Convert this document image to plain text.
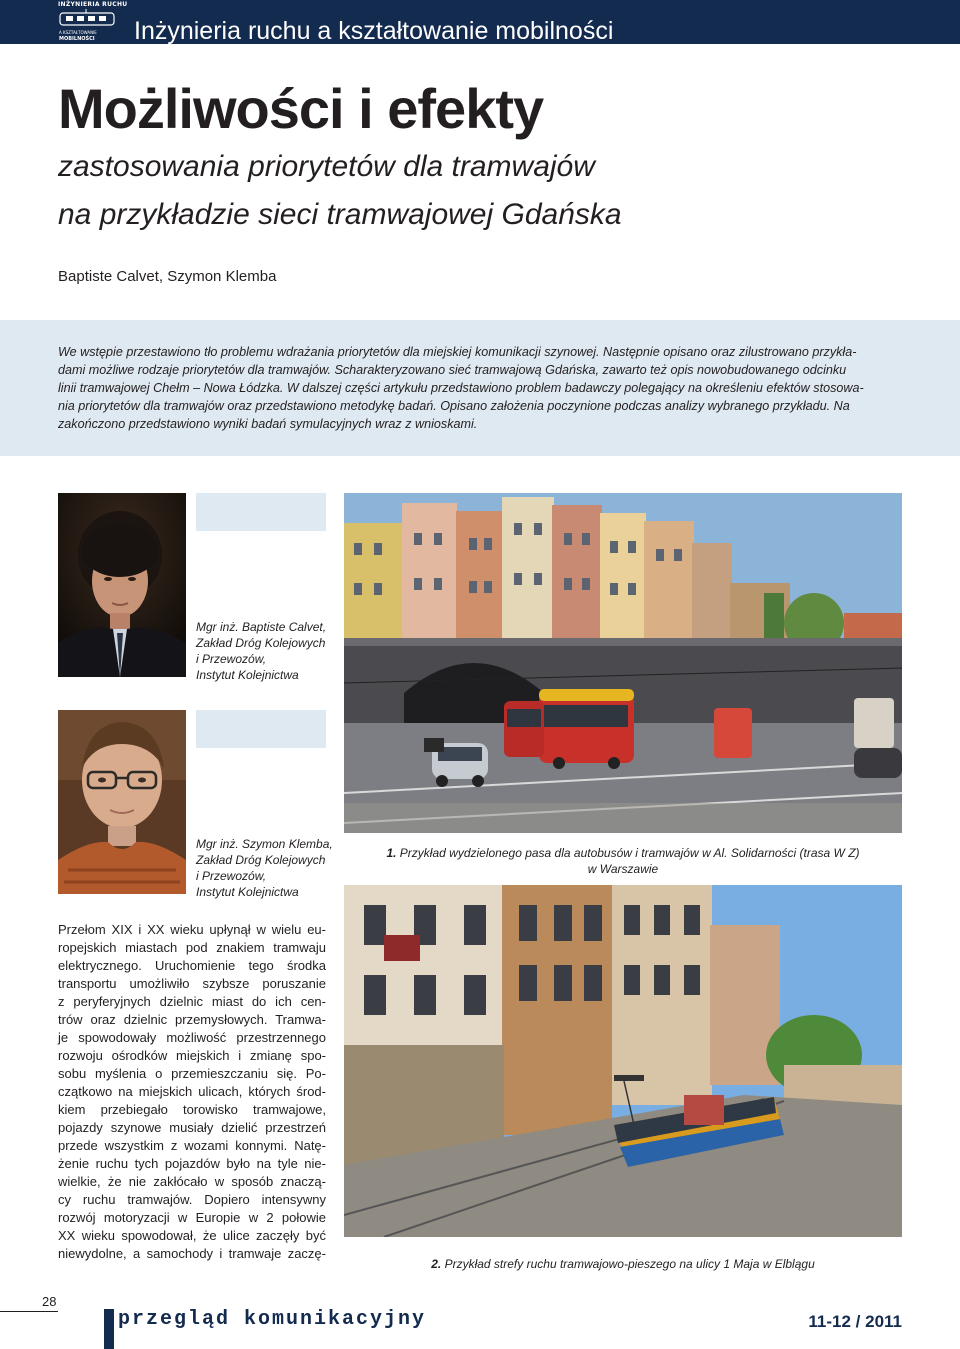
INŻYNIERIA RUCHU
A KSZTAŁTOWANIE
MOBILNOŚCI Inżynieria ruchu a kształtowanie mobilności
Możliwości i efekty
zastosowania priorytetów dla tramwajów
na przykładzie sieci tramwajowej Gdańska
Baptiste Calvet, Szymon Klemba
We wstępie przestawiono tło problemu wdrażania priorytetów dla miejskiej komunikacji szynowej. Następnie opisano oraz zilustrowano przykła-
dami możliwe rodzaje priorytetów dla tramwajów. Scharakteryzowano sieć tramwajową Gdańska, zawarto też opis nowobudowanego odcinku
linii tramwajowej Chełm – Nowa Łódzka. W dalszej części artykułu przedstawiono problem badawczy polegający na określeniu efektów stosowa-
nia priorytetów dla tramwajów oraz przedstawiono metodykę badań. Opisano założenia poczynione podczas analizy wybranego przykładu. Na
zakończono przedstawiono wyniki badań symulacyjnych wraz z wnioskami.
Mgr inż. Baptiste Calvet,
Zakład Dróg Kolejowych
i Przewozów,
Instytut Kolejnictwa
Mgr inż. Szymon Klemba,
Zakład Dróg Kolejowych
i Przewozów,
Instytut Kolejnictwa
1. Przykład wydzielonego pasa dla autobusów i tramwajów w Al. Solidarności (trasa W Z)
w Warszawie
2. Przykład strefy ruchu tramwajowo-pieszego na ulicy 1 Maja w Elblągu
Przełom XIX i XX wieku upłynął w wielu eu-
ropejskich miastach pod znakiem tramwaju
elektrycznego. Uruchomienie tego środka
transportu umożliwiło szybsze poruszanie
z peryferyjnych dzielnic miast do ich cen-
trów oraz dzielnic przemysłowych. Tramwa-
je spowodowały możliwość przestrzennego
rozwoju ośrodków miejskich i zmianę spo-
sobu myślenia o przemieszczaniu się. Po-
czątkowo na miejskich ulicach, których środ-
kiem przebiegało torowisko tramwajowe,
pojazdy szynowe musiały dzielić przestrzeń
przede wszystkim z wozami konnymi. Natę-
żenie ruchu tych pojazdów było na tyle nie-
wielkie, że nie zakłócało w sposób znaczą-
cy ruchu tramwajów. Dopiero intensywny
rozwój motoryzacji w Europie w 2 połowie
XX wieku spowodował, że ulice zaczęły być
niewydolne, a samochody i tramwaje zaczę-
28
przegląd komunikacyjny	11-12 / 2011
